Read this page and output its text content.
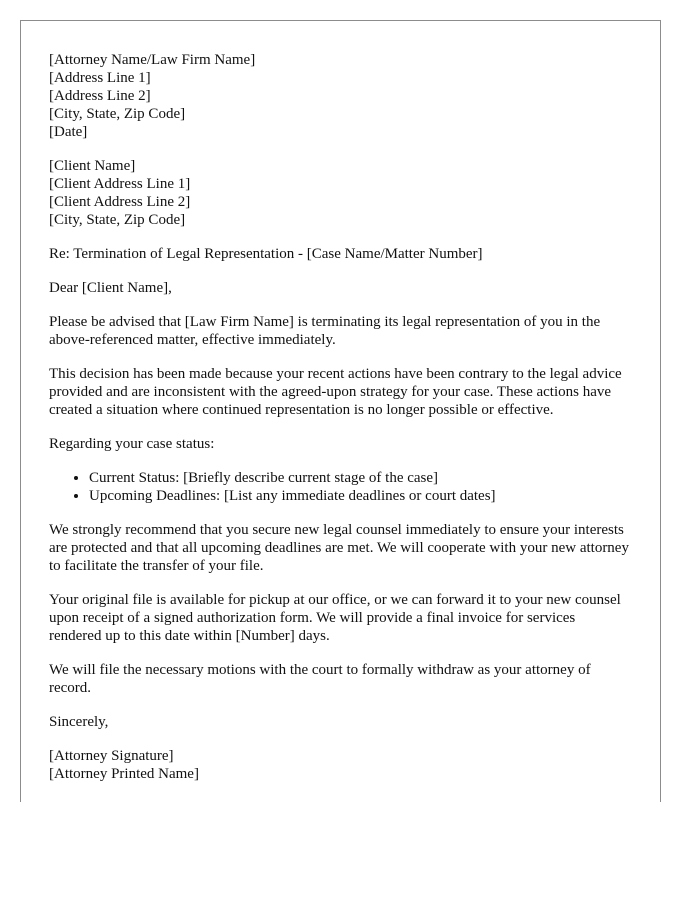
[Attorney Name/Law Firm Name]
[Address Line 1]
[Address Line 2]
[City, State, Zip Code]
[Date]
[Client Name]
[Client Address Line 1]
[Client Address Line 2]
[City, State, Zip Code]

Re: Termination of Legal Representation - [Case Name/Matter Number]

Dear [Client Name],

Please be advised that [Law Firm Name] is terminating its legal representation of you in the above-referenced matter, effective immediately.

This decision has been made because your recent actions have been contrary to the legal advice provided and are inconsistent with the agreed-upon strategy for your case. These actions have created a situation where continued representation is no longer possible or effective.

Regarding your case status:

• Current Status: [Briefly describe current stage of the case]
• Upcoming Deadlines: [List any immediate deadlines or court dates]

We strongly recommend that you secure new legal counsel immediately to ensure your interests are protected and that all upcoming deadlines are met. We will cooperate with your new attorney to facilitate the transfer of your file.

Your original file is available for pickup at our office, or we can forward it to your new counsel upon receipt of a signed authorization form. We will provide a final invoice for services rendered up to this date within [Number] days.

We will file the necessary motions with the court to formally withdraw as your attorney of record.

Sincerely,

[Attorney Signature]
[Attorney Printed Name]
